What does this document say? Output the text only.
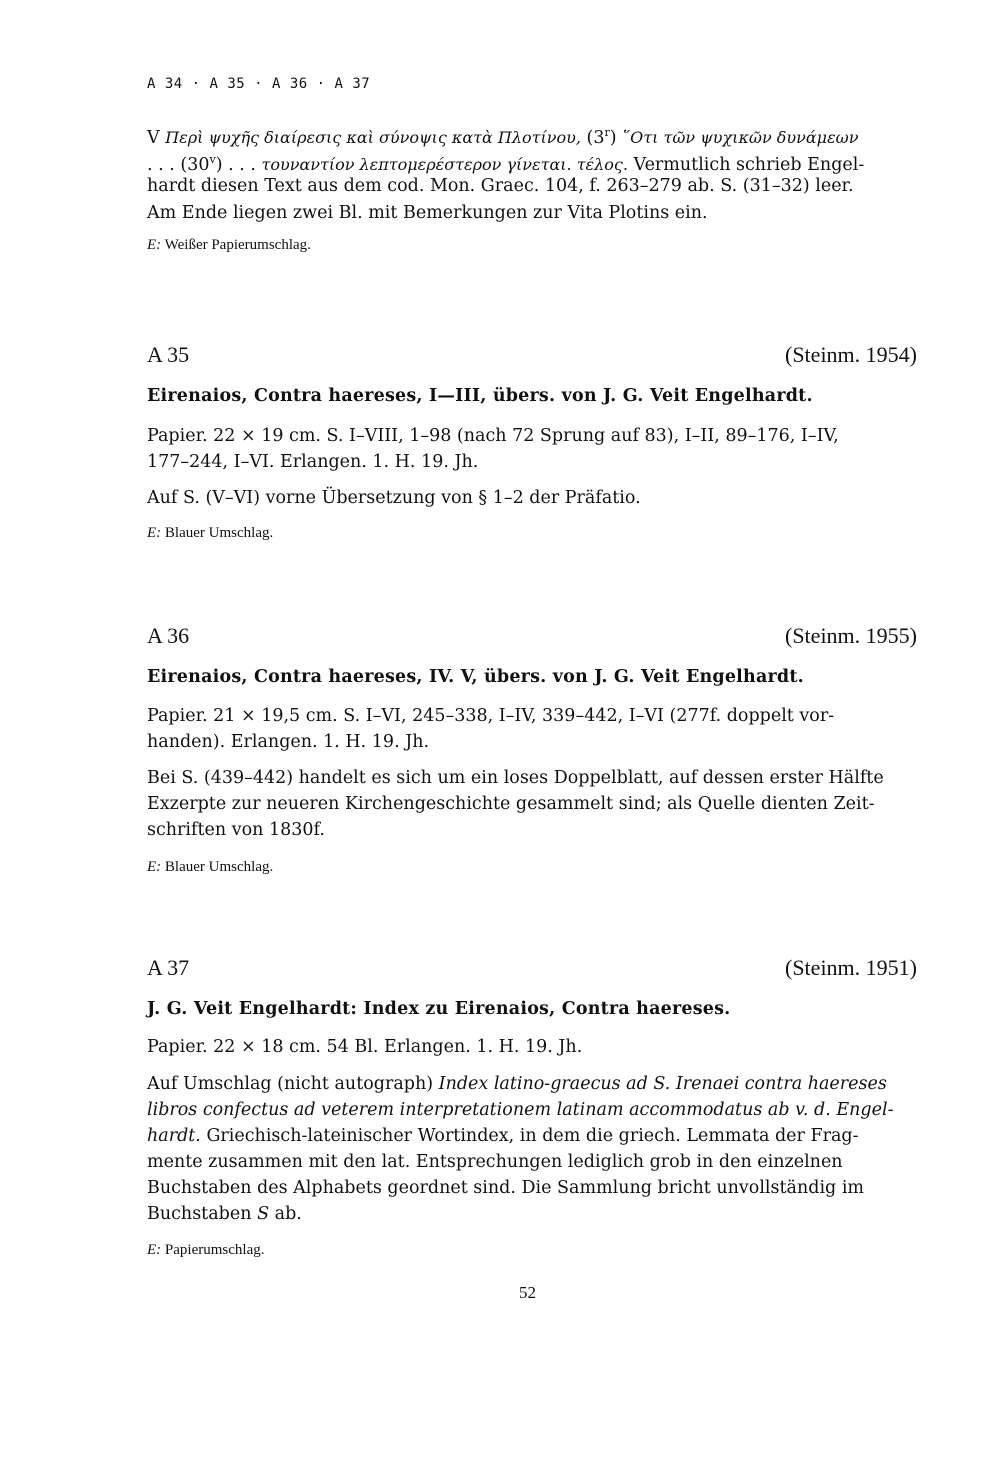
A 34 · A 35 · A 36 · A 37
V Περὶ ψυχῆς διαίρεσις καὶ σύνοψις κατὰ Πλοτίνου, (3$^r$) ῞Οτι τῶν ψυχικῶν δυνάμεων
. . . (30$^v$) . . . τουναντίον λεπτομερέστερον γίνεται. τέλος. Vermutlich schrieb Engel-
hardt diesen Text aus dem cod. Mon. Graec. 104, f. 263–279 ab. S. (31–32) leer.
Am Ende liegen zwei Bl. mit Bemerkungen zur Vita Plotins ein.
E: Weißer Papierumschlag.
A 35	(Steinm. 1954)
Eirenaios, Contra haereses, I—III, übers. von J. G. Veit Engelhardt.
Papier. 22 × 19 cm. S. I–VIII, 1–98 (nach 72 Sprung auf 83), I–II, 89–176, I–IV,
177–244, I–VI. Erlangen. 1. H. 19. Jh.
Auf S. (V–VI) vorne Übersetzung von § 1–2 der Präfatio.
E: Blauer Umschlag.
A 36	(Steinm. 1955)
Eirenaios, Contra haereses, IV. V, übers. von J. G. Veit Engelhardt.
Papier. 21 × 19,5 cm. S. I–VI, 245–338, I–IV, 339–442, I–VI (277f. doppelt vor-
handen). Erlangen. 1. H. 19. Jh.
Bei S. (439–442) handelt es sich um ein loses Doppelblatt, auf dessen erster Hälfte
Exzerpte zur neueren Kirchengeschichte gesammelt sind; als Quelle dienten Zeit-
schriften von 1830f.
E: Blauer Umschlag.
A 37	(Steinm. 1951)
J. G. Veit Engelhardt: Index zu Eirenaios, Contra haereses.
Papier. 22 × 18 cm. 54 Bl. Erlangen. 1. H. 19. Jh.
Auf Umschlag (nicht autograph) Index latino-graecus ad S. Irenaei contra haereses
libros confectus ad veterem interpretationem latinam accommodatus ab v. d. Engel-
hardt. Griechisch-lateinischer Wortindex, in dem die griech. Lemmata der Frag-
mente zusammen mit den lat. Entsprechungen lediglich grob in den einzelnen
Buchstaben des Alphabets geordnet sind. Die Sammlung bricht unvollständig im
Buchstaben S ab.
E: Papierumschlag.
52
